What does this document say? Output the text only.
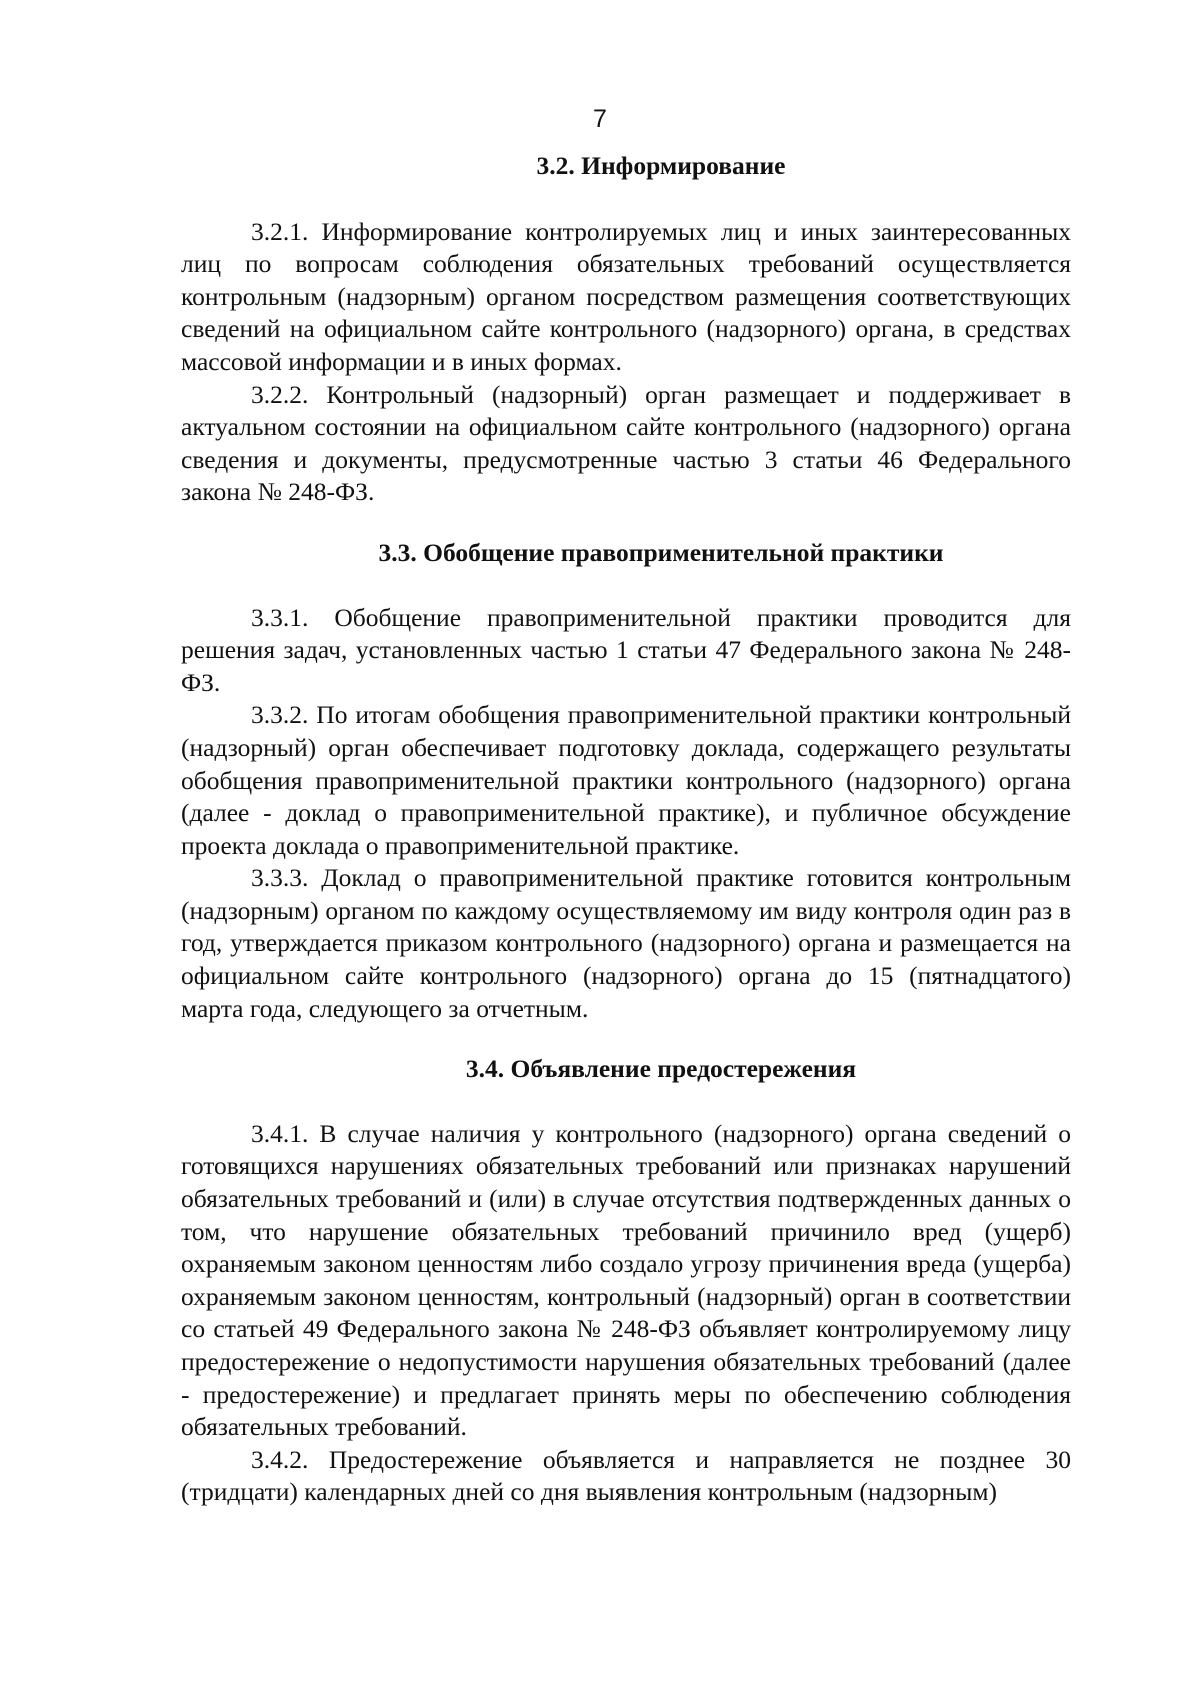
7
3.2. Информирование

3.2.1. Информирование контролируемых лиц и иных заинтересованных лиц по вопросам соблюдения обязательных требований осуществляется контрольным (надзорным) органом посредством размещения соответствующих сведений на официальном сайте контрольного (надзорного) органа, в средствах массовой информации и в иных формах.

3.2.2. Контрольный (надзорный) орган размещает и поддерживает в актуальном состоянии на официальном сайте контрольного (надзорного) органа сведения и документы, предусмотренные частью 3 статьи 46 Федерального закона № 248-ФЗ.

3.3. Обобщение правоприменительной практики

3.3.1. Обобщение правоприменительной практики проводится для решения задач, установленных частью 1 статьи 47 Федерального закона № 248-ФЗ.

3.3.2. По итогам обобщения правоприменительной практики контрольный (надзорный) орган обеспечивает подготовку доклада, содержащего результаты обобщения правоприменительной практики контрольного (надзорного) органа (далее - доклад о правоприменительной практике), и публичное обсуждение проекта доклада о правоприменительной практике.

3.3.3. Доклад о правоприменительной практике готовится контрольным (надзорным) органом по каждому осуществляемому им виду контроля один раз в год, утверждается приказом контрольного (надзорного) органа и размещается на официальном сайте контрольного (надзорного) органа до 15 (пятнадцатого) марта года, следующего за отчетным.

3.4. Объявление предостережения

3.4.1. В случае наличия у контрольного (надзорного) органа сведений о готовящихся нарушениях обязательных требований или признаках нарушений обязательных требований и (или) в случае отсутствия подтвержденных данных о том, что нарушение обязательных требований причинило вред (ущерб) охраняемым законом ценностям либо создало угрозу причинения вреда (ущерба) охраняемым законом ценностям, контрольный (надзорный) орган в соответствии со статьей 49 Федерального закона № 248-ФЗ объявляет контролируемому лицу предостережение о недопустимости нарушения обязательных требований (далее - предостережение) и предлагает принять меры по обеспечению соблюдения обязательных требований.

3.4.2. Предостережение объявляется и направляется не позднее 30 (тридцати) календарных дней со дня выявления контрольным (надзорным)
